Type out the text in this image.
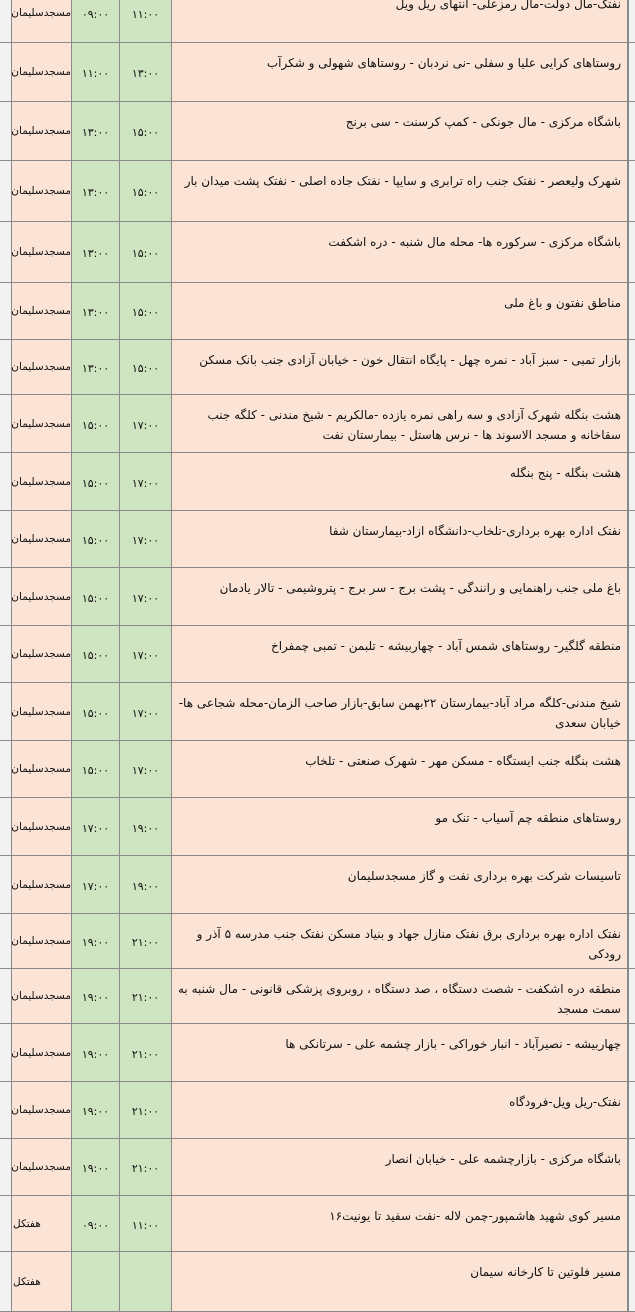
مسجدسلیمان ۰۹:۰۰	۱۱:۰۰
نفتک-مال دولت-مال رمزعلی- انتهای ریل ویل
مسجدسلیمان ۱۱:۰۰	۱۳:۰۰
روستاهای کرایی علیا و سفلی -نی نردبان - روستاهای شهولی و شکرآب
مسجدسلیمان ۱۳:۰۰	۱۵:۰۰
باشگاه مرکزی - مال جونکی - کمپ کرسنت - سی برنج
مسجدسلیمان ۱۳:۰۰	۱۵:۰۰
شهرک ولیعصر - نفتک جنب راه ترابری و سایپا - نفتک جاده اصلی - نفتک پشت میدان بار
مسجدسلیمان ۱۳:۰۰	۱۵:۰۰
باشگاه مرکزی - سرکوره ها- محله مال شنبه - دره اشکفت
مسجدسلیمان ۱۳:۰۰	۱۵:۰۰
مناطق نفتون و باغ ملی
مسجدسلیمان ۱۳:۰۰	۱۵:۰۰
بازار تمبی - سبز آباد - نمره چهل - پایگاه انتقال خون - خیابان آزادی جنب بانک مسکن
مسجدسلیمان ۱۵:۰۰	۱۷:۰۰
هشت بنگله شهرک آزادی و سه راهی نمره یازده -مالکریم - شیخ مندنی - کلگه جنب سقاخانه و مسجد الاسوند ها - نرس هاستل - بیمارستان نفت
مسجدسلیمان ۱۵:۰۰	۱۷:۰۰
هشت بنگله - پنج بنگله
مسجدسلیمان ۱۵:۰۰	۱۷:۰۰
نفتک اداره بهره برداری-تلخاب-دانشگاه ازاد-بیمارستان شفا
مسجدسلیمان ۱۵:۰۰	۱۷:۰۰
باغ ملی جنب راهنمایی و رانندگی - پشت برج - سر برج - پتروشیمی - تالار یادمان
مسجدسلیمان ۱۵:۰۰	۱۷:۰۰
منطقه گلگیر- روستاهای شمس آباد - چهاربیشه - تلبمن - تمبی چمفراخ
مسجدسلیمان ۱۵:۰۰	۱۷:۰۰
شیخ مندنی-کلگه مراد آباد-بیمارستان ۲۲بهمن سابق-بازار صاحب الزمان-محله شجاعی ها-خیابان سعدی
مسجدسلیمان ۱۵:۰۰	۱۷:۰۰
هشت بنگله جنب ایستگاه - مسکن مهر - شهرک صنعتی - تلخاب
مسجدسلیمان ۱۷:۰۰	۱۹:۰۰
روستاهای منطقه چم آسیاب - تنک مو
مسجدسلیمان ۱۷:۰۰	۱۹:۰۰
تاسیسات شرکت بهره برداری نفت و گاز مسجدسلیمان
مسجدسلیمان ۱۹:۰۰	۲۱:۰۰
نفتک اداره بهره برداری برق نفتک منازل جهاد و بنیاد مسکن نفتک جنب مدرسه ۵ آذر و رودکی
مسجدسلیمان ۱۹:۰۰	۲۱:۰۰
منطقه دره اشکفت - شصت دستگاه ، صد دستگاه ، روبروی پزشکی قانونی - مال شنبه به سمت مسجد
مسجدسلیمان ۱۹:۰۰	۲۱:۰۰
چهاربیشه - نصیرآباد - انبار خوراکی - بازار چشمه علی - سرتانکی ها
مسجدسلیمان ۱۹:۰۰	۲۱:۰۰
نفتک-ریل ویل-فرودگاه
مسجدسلیمان ۱۹:۰۰	۲۱:۰۰
باشگاه مرکزی - بازارچشمه علی - خیابان انصار
هفتکل	۰۹:۰۰	۱۱:۰۰
مسیر کوی شهید هاشمپور-چمن لاله -نفت سفید تا یونیت۱۶
هفتکل
مسیر فلوتین تا کارخانه سیمان
